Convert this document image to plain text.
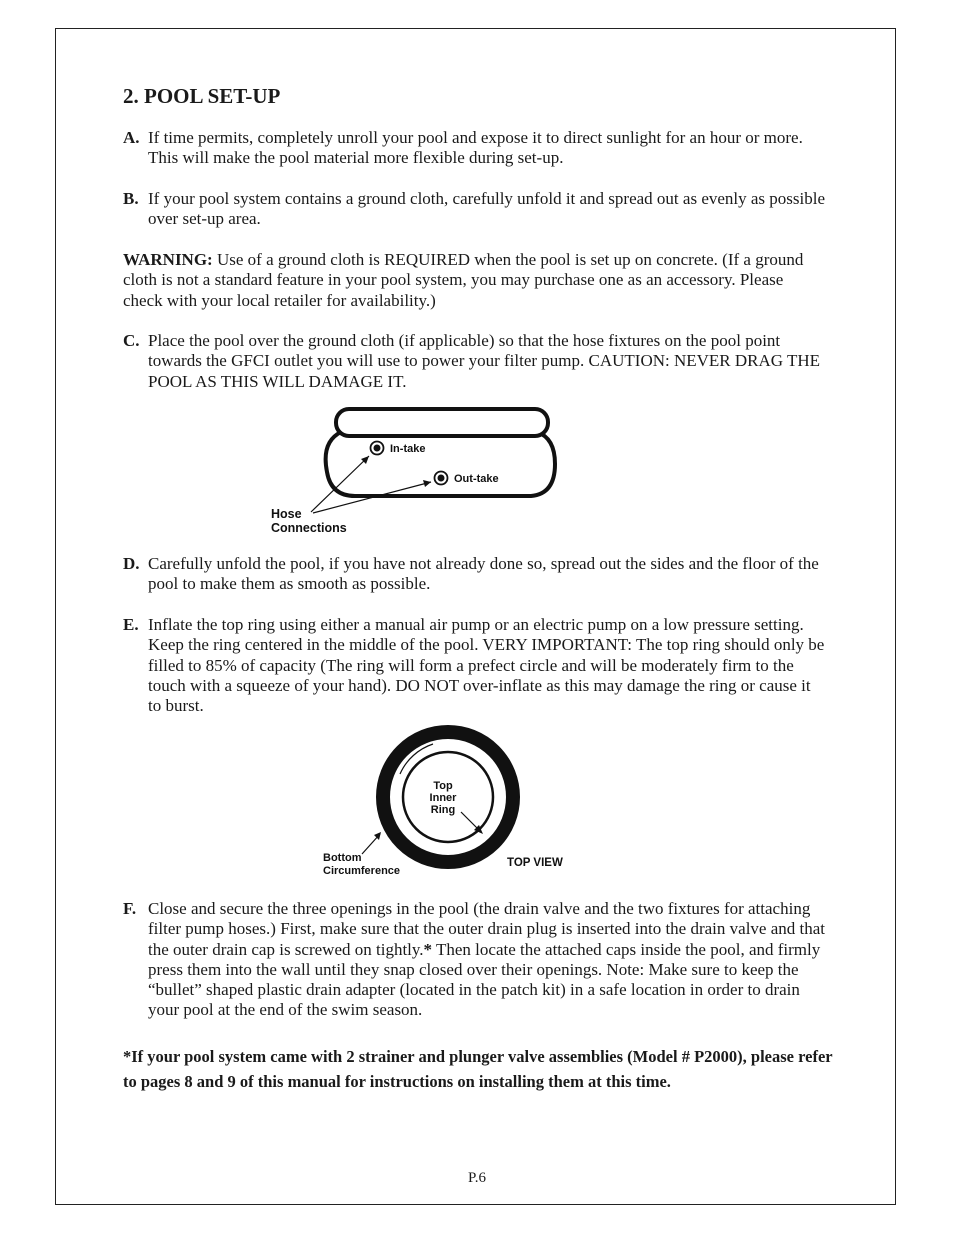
2. POOL SET-UP

A. If time permits, completely unroll your pool and expose it to direct sunlight for an hour or more. This will make the pool material more flexible during set-up.

B. If your pool system contains a ground cloth, carefully unfold it and spread out as evenly as possible over set-up area.

WARNING: Use of a ground cloth is REQUIRED when the pool is set up on concrete. (If a ground cloth is not a standard feature in your pool system, you may purchase one as an accessory. Please check with your local retailer for availability.)

C. Place the pool over the ground cloth (if applicable) so that the hose fixtures on the pool point towards the GFCI outlet you will use to power your filter pump. CAUTION: NEVER DRAG THE POOL AS THIS WILL DAMAGE IT.

In-take
Out-take
Hose
Connections

D. Carefully unfold the pool, if you have not already done so, spread out the sides and the floor of the pool to make them as smooth as possible.

E. Inflate the top ring using either a manual air pump or an electric pump on a low pressure setting. Keep the ring centered in the middle of the pool. VERY IMPORTANT: The top ring should only be filled to 85% of capacity (The ring will form a prefect circle and will be moderately firm to the touch with a squeeze of your hand). DO NOT over-inflate as this may damage the ring or cause it to burst.

Top
Inner
Ring
Bottom
Circumference
TOP VIEW

F. Close and secure the three openings in the pool (the drain valve and the two fixtures for attaching filter pump hoses.) First, make sure that the outer drain plug is inserted into the drain valve and that the outer drain cap is screwed on tightly.* Then locate the attached caps inside the pool, and firmly press them into the wall until they snap closed over their openings. Note: Make sure to keep the “bullet” shaped plastic drain adapter (located in the patch kit) in a safe location in order to drain your pool at the end of the swim season.

*If your pool system came with 2 strainer and plunger valve assemblies (Model # P2000), please refer to pages 8 and 9 of this manual for instructions on installing them at this time.

P.6
